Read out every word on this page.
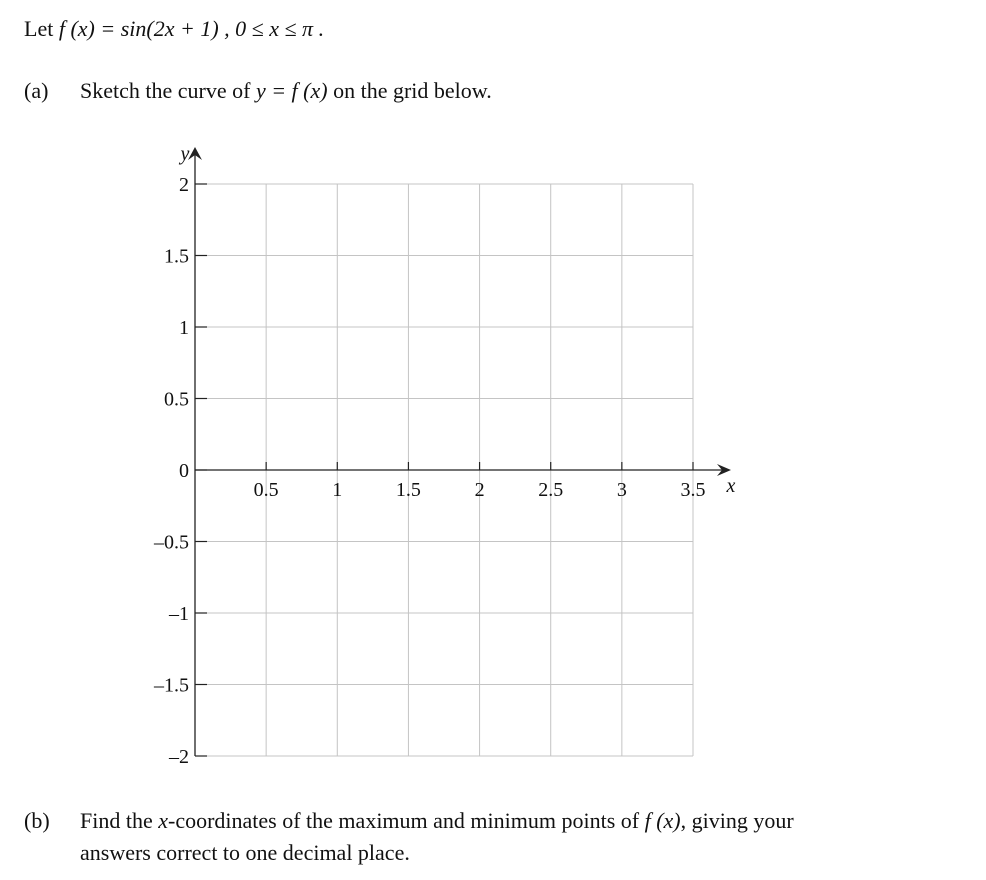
Let f (x) = sin(2x + 1) , 0 ≤ x ≤ π .
(a) Sketch the curve of y = f (x) on the grid below.
2
1.5
1
0.5
0
–0.5
–1
–1.5
–2
0.5	1	1.5	2	2.5	3	3.5
y
x
(b) Find the x-coordinates of the maximum and minimum points of f (x), giving your
answers correct to one decimal place.
